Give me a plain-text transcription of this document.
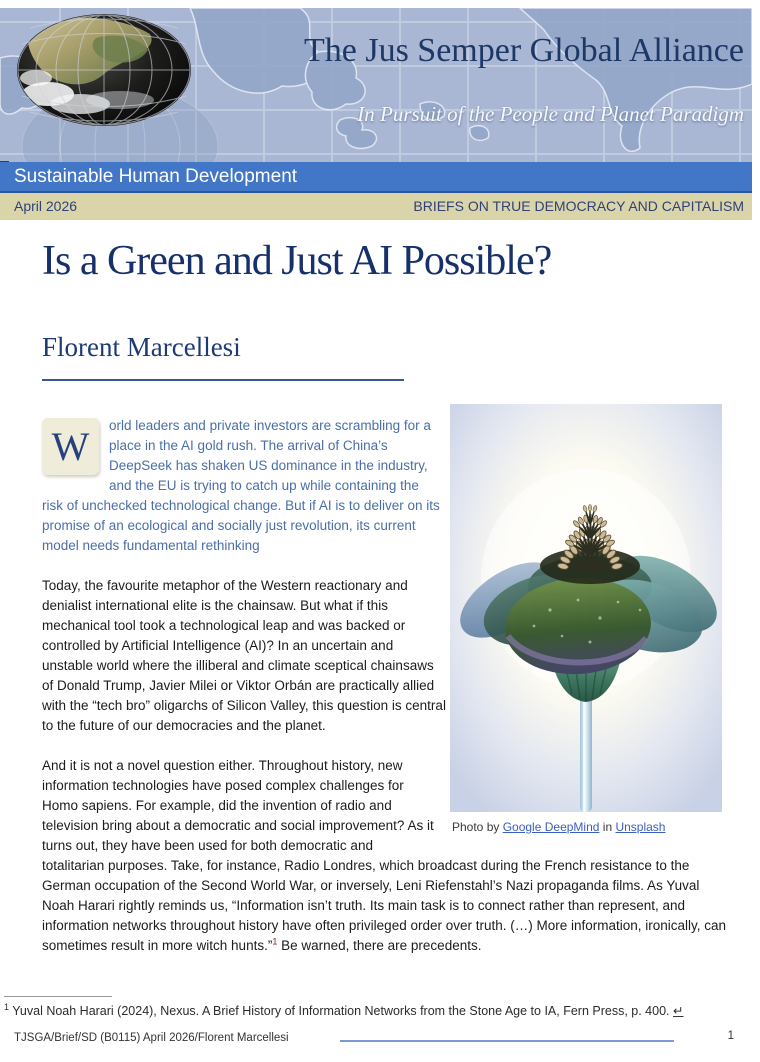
The Jus Semper Global Alliance
In Pursuit of the People and Planet Paradigm
Sustainable Human Development
April 2026	BRIEFS ON TRUE DEMOCRACY AND CAPITALISM
Is a Green and Just AI Possible?
Florent Marcellesi

W	orld leaders and private investors are scrambling for a place in the AI gold rush. The arrival of China’s DeepSeek has shaken US dominance in the industry, and the EU is trying to catch up while containing the risk of unchecked technological change. But if AI is to deliver on its promise of an ecological and socially just revolution, its current model needs fundamental rethinking

Today, the favourite metaphor of the Western reactionary and denialist international elite is the chainsaw. But what if this mechanical tool took a technological leap and was backed or controlled by Artificial Intelligence (AI)? In an uncertain and unstable world where the illiberal and climate sceptical chainsaws of Donald Trump, Javier Milei or Viktor Orbán are practically allied with the “tech bro” oligarchs of Silicon Valley, this question is central to the future of our democracies and the planet.

And it is not a novel question either. Throughout history, new information technologies have posed complex challenges for Homo sapiens. For example, did the invention of radio and television bring about a democratic and social improvement? As it turns out, they have been used for both democratic and totalitarian purposes. Take, for instance, Radio Londres, which broadcast during the French resistance to the German occupation of the Second World War, or inversely, Leni Riefenstahl’s Nazi propaganda films. As Yuval Noah Harari rightly reminds us, “Information isn’t truth. Its main task is to connect rather than represent, and information networks throughout history have often privileged order over truth. (…) More information, ironically, can sometimes result in more witch hunts.”$^1$ Be warned, there are precedents.

Photo by Google DeepMind in Unsplash
$^1$ Yuval Noah Harari (2024), Nexus. A Brief History of Information Networks from the Stone Age to IA, Fern Press, p. 400. ↵
TJSGA/Brief/SD (B0115) April 2026/Florent Marcellesi	1
